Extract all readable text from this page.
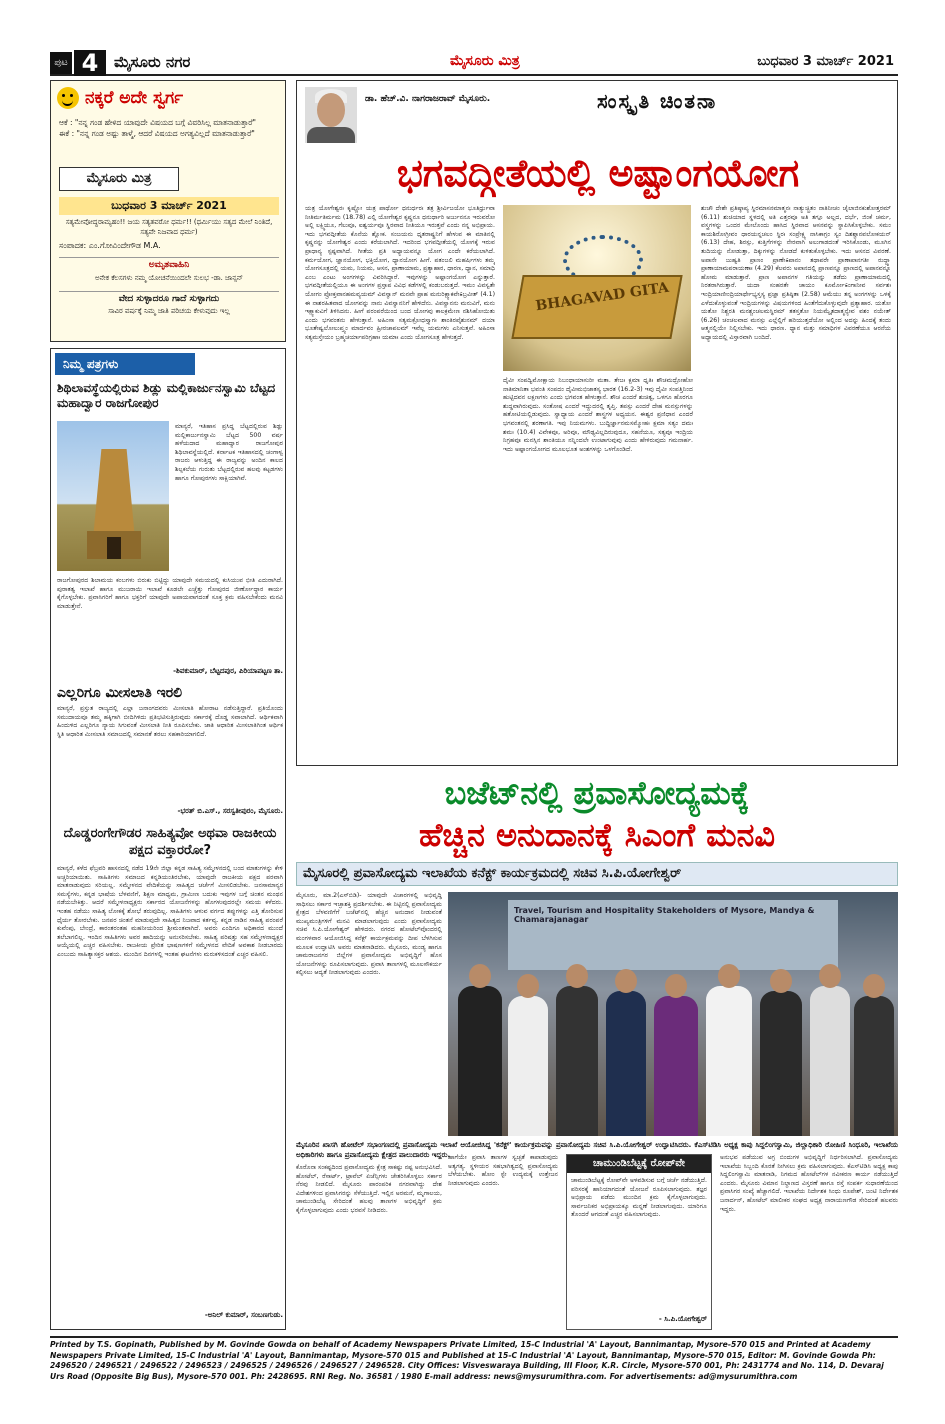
ಪುಟ 4	ಮೈಸೂರು ನಗರ	ಮೈಸೂರು ಮಿತ್ರ	ಬುಧವಾರ 3 ಮಾರ್ಚ್ 2021
ನಕ್ಕರೆ ಅದೇ ಸ್ವರ್ಗ
ಆಕೆ : "ನನ್ನ ಗಂಡ ಹೇಳಿದ ಯಾವುದೇ ವಿಷಯದ ಬಗ್ಗೆ ವಿವರಿಸಿಲ್ಲ ಮಾತನಾಡುತ್ತಾರೆ"
ಈಕೆ : "ನನ್ನ ಗಂಡ ಅಷ್ಟು ತಾಳ್ಮೆ, ಆದರೆ ವಿಷಯದ ಅಗತ್ಯವಿಲ್ಲದೆ ಮಾತನಾಡುತ್ತಾರೆ"
ಮೈಸೂರು ಮಿತ್ರ
ಬುಧವಾರ 3 ಮಾರ್ಚ್ 2021
ಸತ್ಯಮೇವೋದ್ಧರಾಮ್ಯಹಂ!! ಜಯ ಸತ್ಯತವರೋ ಧರ್ಮ!! (ಧರ್ಮಿಯು ಸತ್ಯದ ಮೇಲೆ ನಿಂತಿದೆ, ಸತ್ಯವೇ ನಿಜವಾದ ಧರ್ಮ)
ಸಂಪಾದಕ: ಎಂ.ಗೋವಿಂದೇಗೌಡ M.A.
ಅಮೃತವಾಹಿನಿ
ಅನೇಕ ಕೆಲಸಗಳು ನಮ್ಮ ಯೋಚನೆಯಿಂದಲೇ ಸುಲಭ -ಡಾ. ಜಾನ್ಸನ್
ವೇದ ಸುಳ್ಳಾದರೂ ಗಾದೆ ಸುಳ್ಳಾಗದು
ಸಾವಿರ ವರ್ಷಕ್ಕೆ ನಿಮ್ಮ ಜಾತಿ ಪರಿಚಯ ಕೇಳುವುದು ಇಲ್ಲ
ನಿಮ್ಮ ಪತ್ರಗಳು
ಶಿಥಿಲಾವಸ್ಥೆಯಲ್ಲಿರುವ ಶಿಡ್ಲು ಮಲ್ಲಿಕಾರ್ಜುನಸ್ವಾಮಿ ಬೆಟ್ಟದ ಮಹಾದ್ವಾರ ರಾಜಗೋಪುರ
ಮಾನ್ಯರೆ, ಇತಿಹಾಸ ಪ್ರಸಿದ್ಧ ಬೆಟ್ಟದಲ್ಲಿರುವ ಶಿಡ್ಲು ಮಲ್ಲಿಕಾರ್ಜುನಸ್ವಾಮಿ ಬೆಟ್ಟದ 500 ವರ್ಷ ಹಳೆಯದಾದ ಮಹಾದ್ವಾರ ರಾಜಗೋಪುರ ಶಿಥಿಲಾವಸ್ಥೆಯಲ್ಲಿದೆ. ಕರ್ನಾಟಕ ಇತಿಹಾಸದಲ್ಲಿ ಚಂಗಾಳ್ವ ರಾಜರು ಆಳುತ್ತಿದ್ದ ಈ ರಾಜ್ಯವನ್ನು ಅಂದಿನ ಕಾಲದ ಶಿಲ್ಪಕಲೆಯ ಗುರುತು ಬೆಟ್ಟದಲ್ಲಿರುವ ಹಲವು ಕಟ್ಟಡಗಳು ಹಾಗೂ ಗೋಪುರಗಳು ಸಾಕ್ಷಿಯಾಗಿವೆ.
ರಾಜಗೋಪುರದ ಶಿಲಾಮಯ ಕಂಬಗಳು ಬಿರುಕು ಬಿಟ್ಟಿದ್ದು ಯಾವುದೇ ಸಮಯದಲ್ಲಿ ಕುಸಿಯುವ ಭೀತಿ ಎದುರಾಗಿದೆ. ಪುರಾತತ್ವ ಇಲಾಖೆ ಹಾಗೂ ಮುಜರಾಯಿ ಇಲಾಖೆ ಕೂಡಲೇ ಎಚ್ಚೆತ್ತು ಗೋಪುರದ ಜೀರ್ಣೋದ್ಧಾರ ಕಾರ್ಯ ಕೈಗೊಳ್ಳಬೇಕು. ಪ್ರವಾಸಿಗರಿಗೆ ಹಾಗೂ ಭಕ್ತರಿಗೆ ಯಾವುದೇ ಅಪಾಯವಾಗದಂತೆ ಸೂಕ್ತ ಕ್ರಮ ವಹಿಸಬೇಕೆಂದು ಮನವಿ ಮಾಡುತ್ತೇನೆ.
-ಶಿವಕುಮಾರ್, ಬೆಟ್ಟದಪುರ, ಪಿರಿಯಾಪಟ್ಟಣ ತಾ.
ಎಲ್ಲರಿಗೂ ಮೀಸಲಾತಿ ಇರಲಿ
ಮಾನ್ಯರೆ, ಪ್ರಸ್ತುತ ರಾಜ್ಯದಲ್ಲಿ ಎಲ್ಲಾ ಜನಾಂಗದವರು ಮೀಸಲಾತಿ ಹೋರಾಟ ನಡೆಸುತ್ತಿದ್ದಾರೆ. ಪ್ರತಿಯೊಂದು ಸಮುದಾಯವೂ ತಮ್ಮ ಹಕ್ಕಿಗಾಗಿ ಬೀದಿಗಿಳಿದು ಪ್ರತಿಭಟಿಸುತ್ತಿರುವುದು ಸರ್ಕಾರಕ್ಕೆ ದೊಡ್ಡ ಸವಾಲಾಗಿದೆ. ಆರ್ಥಿಕವಾಗಿ ಹಿಂದುಳಿದ ಎಲ್ಲರಿಗೂ ನ್ಯಾಯ ಸಿಗುವಂತೆ ಮೀಸಲಾತಿ ನೀತಿ ರೂಪಿಸಬೇಕು. ಜಾತಿ ಆಧಾರಿತ ಮೀಸಲಾತಿಗಿಂತ ಆರ್ಥಿಕ ಸ್ಥಿತಿ ಆಧಾರಿತ ಮೀಸಲಾತಿ ಸಮಾಜದಲ್ಲಿ ಸಮಾನತೆ ತರಲು ಸಹಕಾರಿಯಾಗಲಿದೆ.
-ಭರತ್ ಬಿ.ಎಸ್., ಸರಸ್ವತೀಪುರಂ, ಮೈಸೂರು.
ದೊಡ್ಡರಂಗೇಗೌಡರ ಸಾಹಿತ್ಯವೋ ಅಥವಾ ರಾಜಕೀಯ ಪಕ್ಷದ ವಕ್ತಾರರೋ?
ಮಾನ್ಯರೆ, ಕಳೆದ ಫೆಬ್ರವರಿ ಹಾಸನದಲ್ಲಿ ನಡೆದ 19ನೇ ಜಿಲ್ಲಾ ಕನ್ನಡ ಸಾಹಿತ್ಯ ಸಮ್ಮೇಳನದಲ್ಲಿ ಬಂದ ಮಾತುಗಳನ್ನು ಕೇಳಿ ಅಚ್ಚರಿಯಾಯಿತು. ಸಾಹಿತಿಗಳು ಸಮಾಜದ ಕನ್ನಡಿಯಂತಿರಬೇಕು, ಯಾವುದೇ ರಾಜಕೀಯ ಪಕ್ಷದ ಪರವಾಗಿ ಮಾತನಾಡುವುದು ಸರಿಯಲ್ಲ. ಸಮ್ಮೇಳನದ ವೇದಿಕೆಯನ್ನು ಸಾಹಿತ್ಯದ ಚರ್ಚೆಗೆ ಮೀಸಲಿಡಬೇಕು. ಜನಸಾಮಾನ್ಯರ ಸಮಸ್ಯೆಗಳು, ಕನ್ನಡ ಭಾಷೆಯ ಬೆಳವಣಿಗೆ, ಶಿಕ್ಷಣ ಮಾಧ್ಯಮ, ಗ್ರಾಮೀಣ ಬದುಕು ಇವುಗಳ ಬಗ್ಗೆ ಚಿಂತನ ಮಂಥನ ನಡೆಯಬೇಕಿತ್ತು. ಆದರೆ ಸಮ್ಮೇಳನಾಧ್ಯಕ್ಷರು ಸರ್ಕಾರದ ಯೋಜನೆಗಳನ್ನು ಹೊಗಳುವುದರಲ್ಲೇ ಸಮಯ ಕಳೆದರು. ಇಂತಹ ನಡೆಯು ಸಾಹಿತ್ಯ ಲೋಕಕ್ಕೆ ಶೋಭೆ ತರುವುದಿಲ್ಲ. ಸಾಹಿತಿಗಳು ಆಳುವ ವರ್ಗದ ತಪ್ಪುಗಳನ್ನು ಎತ್ತಿ ತೋರಿಸುವ ಧೈರ್ಯ ತೋರಬೇಕು. ಜನಪರ ಚಿಂತನೆ ಮಾಡುವುದೇ ಸಾಹಿತ್ಯದ ನಿಜವಾದ ಕರ್ತವ್ಯ. ಕನ್ನಡ ನಾಡಿನ ಸಾಹಿತ್ಯ ಪರಂಪರೆ ಕುವೆಂಪು, ಬೇಂದ್ರೆ, ಕಾರಂತರಂತಹ ಮಹನೀಯರಿಂದ ಶ್ರೀಮಂತವಾಗಿದೆ. ಅವರು ಎಂದಿಗೂ ಅಧಿಕಾರದ ಮುಂದೆ ತಲೆಬಾಗಲಿಲ್ಲ. ಇಂದಿನ ಸಾಹಿತಿಗಳು ಅವರ ಹಾದಿಯನ್ನು ಅನುಸರಿಸಬೇಕು. ಸಾಹಿತ್ಯ ಪರಿಷತ್ತು ಸಹ ಸಮ್ಮೇಳನಾಧ್ಯಕ್ಷರ ಆಯ್ಕೆಯಲ್ಲಿ ಎಚ್ಚರ ವಹಿಸಬೇಕು. ರಾಜಕೀಯ ಪ್ರೇರಿತ ಭಾಷಣಗಳಿಗೆ ಸಮ್ಮೇಳನದ ವೇದಿಕೆ ಅವಕಾಶ ನೀಡಬಾರದು ಎಂಬುದು ಸಾಹಿತ್ಯಾಸಕ್ತರ ಆಶಯ. ಮುಂದಿನ ದಿನಗಳಲ್ಲಿ ಇಂತಹ ಘಟನೆಗಳು ಮರುಕಳಿಸದಂತೆ ಎಚ್ಚರ ವಹಿಸಲಿ.
-ಅನಿಲ್ ಕುಮಾರ್, ಸಂಬಣಗುಡು.
ಡಾ. ಹೆಚ್.ವಿ. ನಾಗರಾಜರಾವ್ ಮೈಸೂರು.	ಸಂಸ್ಕೃತಿ ಚಿಂತನಾ
ಭಗವದ್ಗೀತೆಯಲ್ಲಿ ಅಷ್ಟಾಂಗಯೋಗ
ಯತ್ರ ಯೋಗೇಶ್ವರಃ ಕೃಷ್ಣೋ ಯತ್ರ ಪಾರ್ಥೋ ಧನುರ್ಧರಃ ತತ್ರ ಶ್ರೀರ್ವಿಜಯೋ ಭೂತಿರ್ಧ್ರುವಾ ನೀತಿರ್ಮತಿರ್ಮಮ (18.78) ಎಲ್ಲಿ ಯೋಗೇಶ್ವರ ಕೃಷ್ಣನೂ ಧನುರ್ಧಾರಿ ಅರ್ಜುನನೂ ಇರುವರೋ ಅಲ್ಲಿ ಲಕ್ಷ್ಮಿಯೂ, ಗೆಲುವೂ, ಐಶ್ವರ್ಯವೂ ಸ್ಥಿರವಾದ ನೀತಿಯೂ ಇರುತ್ತವೆ ಎಂದು ನನ್ನ ಅಭಿಪ್ರಾಯ. ಇದು ಭಗವದ್ಗೀತೆಯ ಕೊನೆಯ ಶ್ಲೋಕ. ಸಂಜಯನು ಧೃತರಾಷ್ಟ್ರನಿಗೆ ಹೇಳುವ ಈ ಮಾತಿನಲ್ಲಿ ಕೃಷ್ಣನನ್ನು ಯೋಗೇಶ್ವರ ಎಂದು ಕರೆಯಲಾಗಿದೆ. ಇದರಿಂದ ಭಗವದ್ಗೀತೆಯಲ್ಲಿ ಯೋಗಕ್ಕೆ ಇರುವ ಪ್ರಾಧಾನ್ಯ ಸ್ಪಷ್ಟವಾಗಿದೆ. ಗೀತೆಯ ಪ್ರತಿ ಅಧ್ಯಾಯವನ್ನೂ ಯೋಗ ಎಂದೇ ಕರೆಯಲಾಗಿದೆ. ಕರ್ಮಯೋಗ, ಜ್ಞಾನಯೋಗ, ಭಕ್ತಿಯೋಗ, ಧ್ಯಾನಯೋಗ ಹೀಗೆ. ಪತಂಜಲಿ ಮಹರ್ಷಿಗಳು ತಮ್ಮ ಯೋಗಸೂತ್ರದಲ್ಲಿ ಯಮ, ನಿಯಮ, ಆಸನ, ಪ್ರಾಣಾಯಾಮ, ಪ್ರತ್ಯಾಹಾರ, ಧಾರಣ, ಧ್ಯಾನ, ಸಮಾಧಿ ಎಂಬ ಎಂಟು ಅಂಗಗಳನ್ನು ವಿವರಿಸಿದ್ದಾರೆ. ಇವುಗಳನ್ನು ಅಷ್ಟಾಂಗಯೋಗ ಎನ್ನುತ್ತಾರೆ. ಭಗವದ್ಗೀತೆಯಲ್ಲಿಯೂ ಈ ಅಂಗಗಳ ಪ್ರಸ್ತಾಪ ವಿವಿಧ ಕಡೆಗಳಲ್ಲಿ ಕಂಡುಬರುತ್ತದೆ. ಇಮಂ ವಿವಸ್ವತೇ ಯೋಗಂ ಪ್ರೋಕ್ತವಾನಹಮವ್ಯಯಮ್ ವಿವಸ್ವಾನ್ ಮನವೇ ಪ್ರಾಹ ಮನುರಿಕ್ಷ್ವಾಕವೇಽಬ್ರವೀತ್ (4.1) ಈ ನಾಶರಹಿತವಾದ ಯೋಗವನ್ನು ನಾನು ವಿವಸ್ವಾನನಿಗೆ ಹೇಳಿದೆನು. ವಿವಸ್ವಾನನು ಮನುವಿಗೆ, ಮನು ಇಕ್ಷ್ವಾಕುವಿಗೆ ತಿಳಿಸಿದನು. ಹೀಗೆ ಪರಂಪರೆಯಿಂದ ಬಂದ ಯೋಗವು ಕಾಲಕ್ರಮೇಣ ನಶಿಸಿಹೋಯಿತು ಎಂದು ಭಗವಂತನು ಹೇಳುತ್ತಾನೆ. ಅಹಿಂಸಾ ಸತ್ಯಮಕ್ರೋಧಸ್ತ್ಯಾಗಃ ಶಾಂತಿರಪೈಶುನಮ್ ದಯಾ ಭೂತೇಷ್ವಲೋಲುಪ್ತ್ವಂ ಮಾರ್ದವಂ ಹ್ರೀರಚಾಪಲಮ್ ಇವೆಲ್ಲ ಯಮಗಳು ಎನಿಸುತ್ತವೆ. ಅಹಿಂಸಾ ಸತ್ಯಮಸ್ತೇಯಂ ಬ್ರಹ್ಮಚರ್ಯಾಪರಿಗ್ರಹಾಃ ಯಮಾಃ ಎಂದು ಯೋಗಸೂತ್ರ ಹೇಳುತ್ತದೆ.
BHAGAVAD GITA
ದೈವೀ ಸಂಪದ್ವಿಮೋಕ್ಷಾಯ ನಿಬಂಧಾಯಾಸುರೀ ಮತಾ. ತೇಜಃ ಕ್ಷಮಾ ಧೃತಿಃ ಶೌಚಮದ್ರೋಹೋ ನಾತಿಮಾನಿತಾ ಭವಂತಿ ಸಂಪದಂ ದೈವೀಮಭಿಜಾತಸ್ಯ ಭಾರತ (16.2-3) ಇವು ದೈವೀ ಸಂಪತ್ತಿನಿಂದ ಹುಟ್ಟಿದವನ ಲಕ್ಷಣಗಳು ಎಂದು ಭಗವಂತ ಹೇಳುತ್ತಾನೆ. ಶೌಚ ಎಂದರೆ ಶುಚಿತ್ವ, ಒಳಗೂ ಹೊರಗೂ ಶುದ್ಧವಾಗಿರುವುದು. ಸಂತೋಷ ಎಂದರೆ ಇದ್ದುದರಲ್ಲಿ ತೃಪ್ತಿ. ತಪಸ್ಸು ಎಂದರೆ ದೇಹ ಮನಸ್ಸುಗಳನ್ನು ಹತೋಟಿಯಲ್ಲಿಡುವುದು. ಸ್ವಾಧ್ಯಾಯ ಎಂದರೆ ಶಾಸ್ತ್ರಗಳ ಅಧ್ಯಯನ. ಈಶ್ವರ ಪ್ರಣಿಧಾನ ಎಂದರೆ ಭಗವಂತನಲ್ಲಿ ಶರಣಾಗತಿ. ಇವು ನಿಯಮಗಳು. ಬುದ್ಧಿರ್ಜ್ಞಾನಮಸಮ್ಮೋಹಃ ಕ್ಷಮಾ ಸತ್ಯಂ ದಮಃ ಶಮಃ (10.4) ವಿವೇಕವೂ, ಅರಿವೂ, ಮೌಢ್ಯವಿಲ್ಲದಿರುವುದೂ, ಸಹನೆಯೂ, ಸತ್ಯವೂ ಇಂದ್ರಿಯ ನಿಗ್ರಹವೂ ಮನಸ್ಸಿನ ಶಾಂತಿಯೂ ನನ್ನಿಂದಲೇ ಉಂಟಾಗುವುವು ಎಂದು ಹೇಳಿರುವುದು ಗಮನಾರ್ಹ. ಇದು ಅಷ್ಟಾಂಗಯೋಗದ ಮೂಲಭೂತ ಅಂಶಗಳನ್ನು ಒಳಗೊಂಡಿದೆ.
ಶುಚೌ ದೇಶೇ ಪ್ರತಿಷ್ಠಾಪ್ಯ ಸ್ಥಿರಮಾಸನಮಾತ್ಮನಃ ನಾತ್ಯುಚ್ಛ್ರಿತಂ ನಾತಿನೀಚಂ ಚೈಲಾಜಿನಕುಶೋತ್ತರಮ್ (6.11) ಶುಚಿಯಾದ ಸ್ಥಳದಲ್ಲಿ ಅತಿ ಎತ್ತರವೂ ಅತಿ ತಗ್ಗೂ ಅಲ್ಲದ, ದರ್ಭೆ, ಜಿಂಕೆ ಚರ್ಮ, ವಸ್ತ್ರಗಳನ್ನು ಒಂದರ ಮೇಲೊಂದು ಹಾಸಿದ ಸ್ಥಿರವಾದ ಆಸನವನ್ನು ಸ್ಥಾಪಿಸಿಕೊಳ್ಳಬೇಕು. ಸಮಂ ಕಾಯಶಿರೋಗ್ರೀವಂ ಧಾರಯನ್ನಚಲಂ ಸ್ಥಿರಃ ಸಂಪ್ರೇಕ್ಷ್ಯ ನಾಸಿಕಾಗ್ರಂ ಸ್ವಂ ದಿಶಶ್ಚಾನವಲೋಕಯನ್ (6.13) ದೇಹ, ಶಿರಸ್ಸು, ಕುತ್ತಿಗೆಗಳನ್ನು ನೇರವಾಗಿ ಅಲುಗಾಡದಂತೆ ಇರಿಸಿಕೊಂಡು, ಮೂಗಿನ ತುದಿಯನ್ನು ನೋಡುತ್ತಾ, ದಿಕ್ಕುಗಳನ್ನು ನೋಡದೆ ಕುಳಿತುಕೊಳ್ಳಬೇಕು. ಇದು ಆಸನದ ವಿವರಣೆ. ಅಪಾನೇ ಜುಹ್ವತಿ ಪ್ರಾಣಂ ಪ್ರಾಣೇಽಪಾನಂ ತಥಾಪರೇ ಪ್ರಾಣಾಪಾನಗತೀ ರುದ್ಧ್ವಾ ಪ್ರಾಣಾಯಾಮಪರಾಯಣಾಃ (4.29) ಕೆಲವರು ಅಪಾನದಲ್ಲಿ ಪ್ರಾಣವನ್ನೂ ಪ್ರಾಣದಲ್ಲಿ ಅಪಾನವನ್ನೂ ಹೋಮ ಮಾಡುತ್ತಾರೆ. ಪ್ರಾಣ ಅಪಾನಗಳ ಗತಿಯನ್ನು ತಡೆದು ಪ್ರಾಣಾಯಾಮದಲ್ಲಿ ನಿರತರಾಗಿರುತ್ತಾರೆ. ಯದಾ ಸಂಹರತೇ ಚಾಯಂ ಕೂರ್ಮೋಽಂಗಾನೀವ ಸರ್ವಶಃ ಇಂದ್ರಿಯಾಣೀಂದ್ರಿಯಾರ್ಥೇಭ್ಯಸ್ತಸ್ಯ ಪ್ರಜ್ಞಾ ಪ್ರತಿಷ್ಠಿತಾ (2.58) ಆಮೆಯು ತನ್ನ ಅಂಗಗಳನ್ನು ಒಳಕ್ಕೆ ಎಳೆದುಕೊಳ್ಳುವಂತೆ ಇಂದ್ರಿಯಗಳನ್ನು ವಿಷಯಗಳಿಂದ ಹಿಂತೆಗೆದುಕೊಳ್ಳುವುದೇ ಪ್ರತ್ಯಾಹಾರ. ಯತೋ ಯತೋ ನಿಶ್ಚರತಿ ಮನಶ್ಚಂಚಲಮಸ್ಥಿರಮ್ ತತಸ್ತತೋ ನಿಯಮ್ಯೈತದಾತ್ಮನ್ಯೇವ ವಶಂ ನಯೇತ್ (6.26) ಚಂಚಲವಾದ ಮನಸ್ಸು ಎಲ್ಲೆಲ್ಲಿಗೆ ಹರಿಯುತ್ತದೆಯೋ ಅಲ್ಲಿಂದ ಅದನ್ನು ಹಿಂದಕ್ಕೆ ತಂದು ಆತ್ಮನಲ್ಲಿಯೇ ನಿಲ್ಲಿಸಬೇಕು. ಇದು ಧಾರಣ. ಧ್ಯಾನ ಮತ್ತು ಸಮಾಧಿಗಳ ವಿವರಣೆಯೂ ಆರನೆಯ ಅಧ್ಯಾಯದಲ್ಲಿ ವಿಸ್ತಾರವಾಗಿ ಬಂದಿದೆ.
ಬಜೆಟ್‌ನಲ್ಲಿ ಪ್ರವಾಸೋದ್ಯಮಕ್ಕೆ
ಹೆಚ್ಚಿನ ಅನುದಾನಕ್ಕೆ ಸಿಎಂಗೆ ಮನವಿ
ಮೈಸೂರಲ್ಲಿ ಪ್ರವಾಸೋದ್ಯಮ ಇಲಾಖೆಯ ಕನೆಕ್ಟ್ ಕಾರ್ಯಕ್ರಮದಲ್ಲಿ ಸಚಿವ ಸಿ.ಪಿ.ಯೋಗೇಶ್ವರ್
ಮೈಸೂರು, ಮಾ.2(ಎಸ್‌ಬಿಡಿ)- ಯಾವುದೇ ವಿಚಾರಗಳಲ್ಲಿ ಅಭಿವೃದ್ಧಿ ಸಾಧಿಸಲು ಸರ್ಕಾರ ಇಚ್ಛಾಶಕ್ತಿ ಪ್ರದರ್ಶಿಸಬೇಕು. ಈ ನಿಟ್ಟಿನಲ್ಲಿ ಪ್ರವಾಸೋದ್ಯಮ ಕ್ಷೇತ್ರದ ಬೆಳವಣಿಗೆಗೆ ಬಜೆಟ್‌ನಲ್ಲಿ ಹೆಚ್ಚಿನ ಅನುದಾನ ನೀಡುವಂತೆ ಮುಖ್ಯಮಂತ್ರಿಗಳಿಗೆ ಮನವಿ ಮಾಡಲಾಗುವುದು ಎಂದು ಪ್ರವಾಸೋದ್ಯಮ ಸಚಿವ ಸಿ.ಪಿ.ಯೋಗೇಶ್ವರ್ ಹೇಳಿದರು. ನಗರದ ಹೋಟೆಲ್‌ವೊಂದರಲ್ಲಿ ಮಂಗಳವಾರ ಆಯೋಜಿಸಿದ್ದ ಕನೆಕ್ಟ್ ಕಾರ್ಯಕ್ರಮವನ್ನು ದೀಪ ಬೆಳಗಿಸುವ ಮೂಲಕ ಉದ್ಘಾಟಿಸಿ ಅವರು ಮಾತನಾಡಿದರು. ಮೈಸೂರು, ಮಂಡ್ಯ ಹಾಗೂ ಚಾಮರಾಜನಗರ ಜಿಲ್ಲೆಗಳ ಪ್ರವಾಸೋದ್ಯಮ ಅಭಿವೃದ್ಧಿಗೆ ಹೊಸ ಯೋಜನೆಗಳನ್ನು ರೂಪಿಸಲಾಗುವುದು. ಪ್ರವಾಸಿ ತಾಣಗಳಲ್ಲಿ ಮೂಲಸೌಕರ್ಯ ಕಲ್ಪಿಸಲು ಆದ್ಯತೆ ನೀಡಲಾಗುವುದು ಎಂದರು.
Travel, Tourism and Hospitality Stakeholders of Mysore, Mandya & Chamarajanagar
ಮೈಸೂರಿನ ಖಾಸಗಿ ಹೋಟೆಲ್ ಸಭಾಂಗಣದಲ್ಲಿ ಪ್ರವಾಸೋದ್ಯಮ ಇಲಾಖೆ ಆಯೋಜಿಸಿದ್ದ 'ಕನೆಕ್ಟ್' ಕಾರ್ಯಕ್ರಮವನ್ನು ಪ್ರವಾಸೋದ್ಯಮ ಸಚಿವ ಸಿ.ಪಿ.ಯೋಗೇಶ್ವರ್ ಉದ್ಘಾಟಿಸಿದರು. ಕೆಎಸ್‌ಟಿಡಿಸಿ ಅಧ್ಯಕ್ಷ ಕಾಪು ಸಿದ್ದಲಿಂಗಸ್ವಾಮಿ, ಜಿಲ್ಲಾಧಿಕಾರಿ ರೋಹಿಣಿ ಸಿಂಧೂರಿ, ಇಲಾಖೆಯ ಅಧಿಕಾರಿಗಳು ಹಾಗೂ ಪ್ರವಾಸೋದ್ಯಮ ಕ್ಷೇತ್ರದ ಪಾಲುದಾರರು ಇದ್ದರು.
ಕೊರೊನಾ ಸಂಕಷ್ಟದಿಂದ ಪ್ರವಾಸೋದ್ಯಮ ಕ್ಷೇತ್ರ ಸಾಕಷ್ಟು ನಷ್ಟ ಅನುಭವಿಸಿದೆ. ಹೋಟೆಲ್, ರೆಸಾರ್ಟ್, ಟ್ರಾವೆಲ್ ಏಜೆನ್ಸಿಗಳು ಚೇತರಿಸಿಕೊಳ್ಳಲು ಸರ್ಕಾರ ನೆರವು ನೀಡಲಿದೆ. ಮೈಸೂರು ಪಾರಂಪರಿಕ ನಗರವಾಗಿದ್ದು ದೇಶ ವಿದೇಶಗಳಿಂದ ಪ್ರವಾಸಿಗರನ್ನು ಸೆಳೆಯುತ್ತಿದೆ. ಇಲ್ಲಿನ ಅರಮನೆ, ಮೃಗಾಲಯ, ಚಾಮುಂಡಿಬೆಟ್ಟ ಸೇರಿದಂತೆ ಹಲವು ತಾಣಗಳ ಅಭಿವೃದ್ಧಿಗೆ ಕ್ರಮ ಕೈಗೊಳ್ಳಲಾಗುವುದು ಎಂದು ಭರವಸೆ ನೀಡಿದರು.
ಹಾಗೆಯೇ ಪ್ರವಾಸಿ ತಾಣಗಳ ಸ್ವಚ್ಛತೆ ಕಾಪಾಡುವುದು ಅತ್ಯಗತ್ಯ. ಸ್ಥಳೀಯರ ಸಹಭಾಗಿತ್ವದಲ್ಲಿ ಪ್ರವಾಸೋದ್ಯಮ ಬೆಳೆಯಬೇಕು. ಹೋಂ ಸ್ಟೇ ಉದ್ಯಮಕ್ಕೆ ಉತ್ತೇಜನ ನೀಡಲಾಗುವುದು ಎಂದರು.
ಚಾಮುಂಡಿಬೆಟ್ಟಕ್ಕೆ ರೋಪ್‌ವೇ
ಚಾಮುಂಡಿಬೆಟ್ಟಕ್ಕೆ ರೋಪ್‌ವೇ ಅಳವಡಿಸುವ ಬಗ್ಗೆ ಚರ್ಚೆ ನಡೆಯುತ್ತಿದೆ. ಪರಿಸರಕ್ಕೆ ಹಾನಿಯಾಗದಂತೆ ಯೋಜನೆ ರೂಪಿಸಲಾಗುವುದು. ತಜ್ಞರ ಅಭಿಪ್ರಾಯ ಪಡೆದು ಮುಂದಿನ ಕ್ರಮ ಕೈಗೊಳ್ಳಲಾಗುವುದು. ಸಾರ್ವಜನಿಕರ ಅಭಿಪ್ರಾಯಕ್ಕೂ ಮನ್ನಣೆ ನೀಡಲಾಗುವುದು. ಯಾರಿಗೂ ತೊಂದರೆ ಆಗದಂತೆ ಎಚ್ಚರ ವಹಿಸಲಾಗುವುದು.
- ಸಿ.ಪಿ.ಯೋಗೇಶ್ವರ್
ಅನುಭವ ಪಡೆಯುವ ಅಗ್ರ ಬಿಂದುಗಳ ಅಭಿವೃದ್ಧಿಗೆ ನಿರ್ಧರಿಸಲಾಗಿದೆ. ಪ್ರವಾಸೋದ್ಯಮ ಇಲಾಖೆಯ ಸಿಬ್ಬಂದಿ ಕೊರತೆ ನೀಗಿಸಲು ಕ್ರಮ ವಹಿಸಲಾಗುವುದು. ಕೆಎಸ್‌ಟಿಡಿಸಿ ಅಧ್ಯಕ್ಷ ಕಾಪು ಸಿದ್ದಲಿಂಗಸ್ವಾಮಿ ಮಾತನಾಡಿ, ನಿಗಮದ ಹೋಟೆಲ್‌ಗಳ ನವೀಕರಣ ಕಾರ್ಯ ನಡೆಯುತ್ತಿದೆ ಎಂದರು. ಮೈಸೂರು ವಿಮಾನ ನಿಲ್ದಾಣದ ವಿಸ್ತರಣೆ ಹಾಗೂ ರಸ್ತೆ ಸಂಪರ್ಕ ಸುಧಾರಣೆಯಿಂದ ಪ್ರವಾಸಿಗರ ಸಂಖ್ಯೆ ಹೆಚ್ಚಾಗಲಿದೆ. ಇಲಾಖೆಯ ನಿರ್ದೇಶಕ ಸಿಂಧು ರೂಪೇಶ್, ಜಂಟಿ ನಿರ್ದೇಶಕ ಜನಾರ್ದನ್, ಹೋಟೆಲ್ ಮಾಲೀಕರ ಸಂಘದ ಅಧ್ಯಕ್ಷ ನಾರಾಯಣಗೌಡ ಸೇರಿದಂತೆ ಹಲವರು ಇದ್ದರು.
Printed by T.S. Gopinath, Published by M. Govinde Gowda on behalf of Academy Newspapers Private Limited, 15-C Industrial 'A' Layout, Bannimantap, Mysore-570 015 and Printed at Academy Newspapers Private Limited, 15-C Industrial 'A' Layout, Bannimantap, Mysore-570 015 and Published at 15-C Industrial 'A' Layout, Bannimantap, Mysore-570 015, Editor: M. Govinde Gowda Ph: 2496520 / 2496521 / 2496522 / 2496523 / 2496525 / 2496526 / 2496527 / 2496528. City Offices: Visveswaraya Building, III Floor, K.R. Circle, Mysore-570 001, Ph: 2431774 and No. 114, D. Devaraj Urs Road (Opposite Big Bus), Mysore-570 001. Ph: 2428695. RNI Reg. No. 36581 / 1980 E-mail address: news@mysurumithra.com. For advertisements: ad@mysurumithra.com
